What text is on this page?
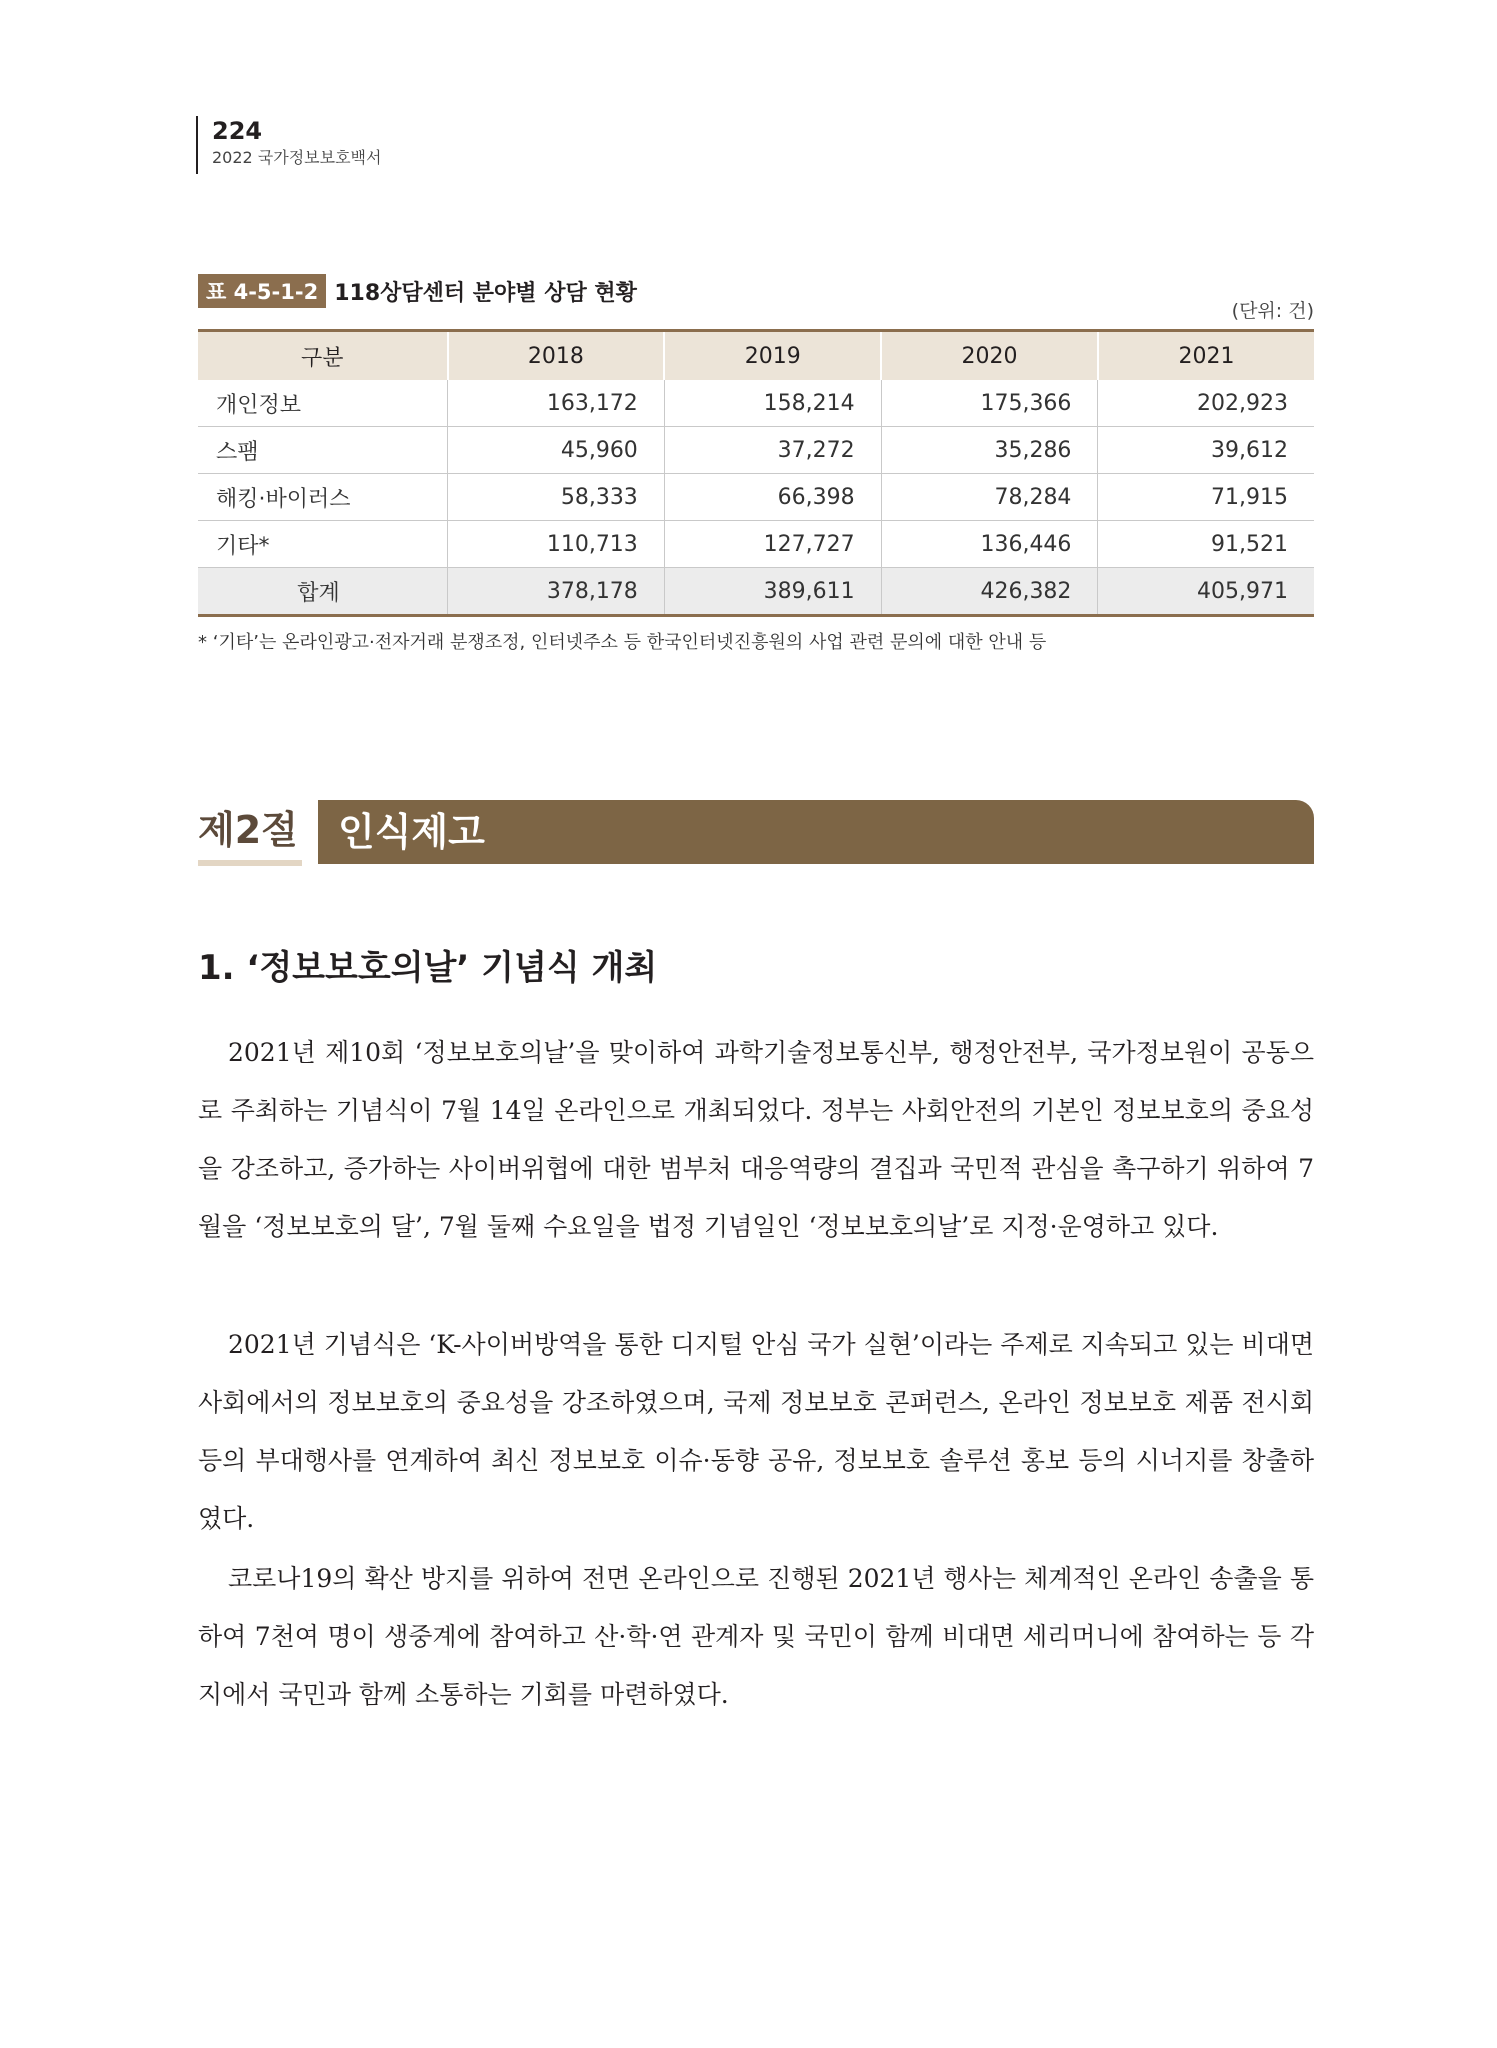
224
2022 국가정보보호백서
표 4-5-1-2 118상담센터 분야별 상담 현황
(단위: 건)
구분	2018	2019	2020	2021
개인정보	163,172	158,214	175,366	202,923
스팸	45,960	37,272	35,286	39,612
해킹·바이러스	58,333	66,398	78,284	71,915
기타*	110,713	127,727	136,446	91,521
합계	378,178	389,611	426,382	405,971
* ‘기타’는 온라인광고·전자거래 분쟁조정, 인터넷주소 등 한국인터넷진흥원의 사업 관련 문의에 대한 안내 등
제2절 인식제고
1. ‘정보보호의날’ 기념식 개최

2021년 제10회 ‘정보보호의날’을 맞이하여 과학기술정보통신부, 행정안전부, 국가정보원이 공동으로 주최하는 기념식이 7월 14일 온라인으로 개최되었다. 정부는 사회안전의 기본인 정보보호의 중요성을 강조하고, 증가하는 사이버위협에 대한 범부처 대응역량의 결집과 국민적 관심을 촉구하기 위하여 7월을 ‘정보보호의 달’, 7월 둘째 수요일을 법정 기념일인 ‘정보보호의날’로 지정·운영하고 있다.

2021년 기념식은 ‘K-사이버방역을 통한 디지털 안심 국가 실현’이라는 주제로 지속되고 있는 비대면 사회에서의 정보보호의 중요성을 강조하였으며, 국제 정보보호 콘퍼런스, 온라인 정보보호 제품 전시회 등의 부대행사를 연계하여 최신 정보보호 이슈·동향 공유, 정보보호 솔루션 홍보 등의 시너지를 창출하였다.

코로나19의 확산 방지를 위하여 전면 온라인으로 진행된 2021년 행사는 체계적인 온라인 송출을 통하여 7천여 명이 생중계에 참여하고 산·학·연 관계자 및 국민이 함께 비대면 세리머니에 참여하는 등 각지에서 국민과 함께 소통하는 기회를 마련하였다.
